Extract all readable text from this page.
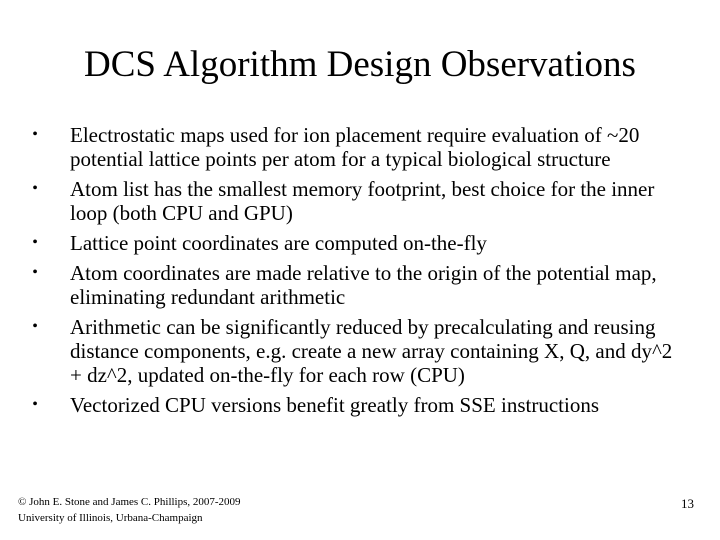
DCS Algorithm Design Observations
• Electrostatic maps used for ion placement require evaluation of ~20 potential lattice points per atom for a typical biological structure
• Atom list has the smallest memory footprint, best choice for the inner loop (both CPU and GPU)
• Lattice point coordinates are computed on-the-fly
• Atom coordinates are made relative to the origin of the potential map, eliminating redundant arithmetic
• Arithmetic can be significantly reduced by precalculating and reusing distance components, e.g. create a new array containing X, Q, and dy^2 + dz^2, updated on-the-fly for each row (CPU)
• Vectorized CPU versions benefit greatly from SSE instructions
© John E. Stone and James C. Phillips, 2007-2009
University of Illinois, Urbana-Champaign
13
